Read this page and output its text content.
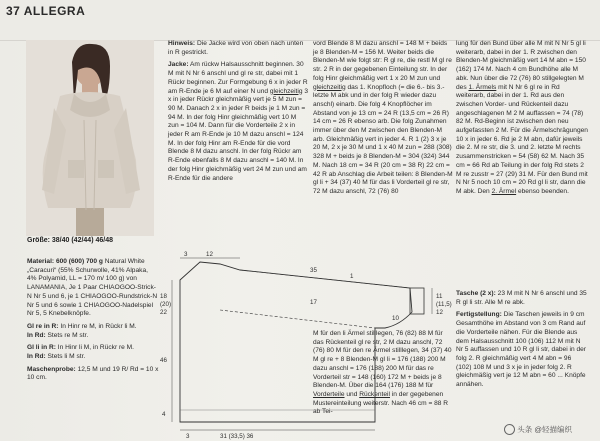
37 ALLEGRA
Größe: 38/40 (42/44) 46/48

Material: 600 (600) 700 g Natural White „Caracuri“ (55% Schurwolle, 41% Alpaka, 4% Polyamid, LL = 170 m/ 100 g) von LANAMANIA, Je 1 Paar CHIAOGOO-Strick-N Nr 5 und 6, je 1 CHIAOGOO-Rundstrick-N Nr 5 und 6 sowie 1 CHIAOGOO-Nadelspiel Nr 5, 5 Knebelknöpfe.

Gl re in R: In Hinr re M, in Rückr li M.
In Rd: Stets re M str.

Gl li in R: In Hinr li M, in Rückr re M.
In Rd: Stets li M str.

Maschenprobe: 12,5 M und 19 R/ Rd = 10 x 10 cm.

Hinweis: Die Jacke wird von oben nach unten in R gestrickt.

Jacke: Am rückw Halsausschnitt beginnen. 30 M mit N Nr 6 anschl und gl re str, dabei mit 1 Rückr beginnen. Zur Formgebung 6 x in jeder R am R-Ende je 6 M auf einer N und gleichzeitig 3 x in jeder Rückr gleichmäßig vert je 5 M zun = 90 M. Danach 2 x in jeder R beids je 1 M zun = 94 M. In der folg Hinr gleichmäßig vert 10 M zun = 104 M. Dann für die Vorderteile 2 x in jeder R am R-Ende je 10 M dazu anschl = 124 M. In der folg Hinr am R-Ende für die vord Blende 8 M dazu anschl. In der folg Rückr am R-Ende ebenfalls 8 M dazu anschl = 140 M. In der folg Hinr gleichmäßig vert 24 M zun und am R-Ende für die andere

vord Blende 8 M dazu anschl = 148 M + beids je 8 Blenden-M = 156 M. Weiter beids die Blenden-M wie folgt str: R gl re, die restl M gl re str. 2 R in der gegebenen Einteilung str. In der folg Hinr gleichmäßig vert 1 x 20 M zun und gleichzeitig das 1. Knopfloch (= die 6.- bis 3.-letzte M abk und in der folg R wieder dazu anschl) einarb. Die folg 4 Knopflöcher im Abstand von je 13 cm = 24 R (13,5 cm = 26 R) 14 cm = 26 R ebenso arb. Die folg Zunahmen immer über den M zwischen den Blenden-M arb. Gleichmäßig vert in jeder 4. R 1 (2) 3 x je 20 M, 2 x je 30 M und 1 x 40 M zun = 288 (308) 328 M + beids je 8 Blenden-M = 304 (324) 344 M. Nach 18 cm = 34 R (20 cm = 38 R) 22 cm = 42 R ab Anschlag die Arbeit teilen: 8 Blenden-M gl li + 34 (37) 40 M für das li Vorderteil gl re str, 72 M dazu anschl, 72 (76) 80

M für den li Ärmel stilllegen, 76 (82) 88 M für das Rückenteil gl re str, 2 M dazu anschl, 72 (76) 80 M für den re Ärmel stilllegen, 34 (37) 40 M gl re + 8 Blenden-M gl li = 176 (188) 200 M dazu anschl = 176 (188) 200 M für das re Vorderteil str = 148 (160) 172 M + beids je 8 Blenden-M. Über die 164 (176) 188 M für Vorderteile und Rückenteil in der gegebenen Mustereinteilung weiterstr. Nach 46 cm = 88 R ab Tei-

lung für den Bund über alle M mit N Nr 5 gl li weiterarb, dabei in der 1. R zwischen den Blenden-M gleichmäßig vert 14 M abn = 150 (162) 174 M. Nach 4 cm Bundhöhe alle M abk. Nun über die 72 (76) 80 stillgelegten M des 1. Ärmels mit N Nr 6 gl re in Rd weiterarb, dabei in der 1. Rd aus den zwischen Vorder- und Rückenteil dazu angeschlagenen M 2 M auffassen = 74 (78) 82 M. Rd-Beginn ist zwischen den neu aufgefassten 2 M. Für die Ärmelschrägungen 10 x in jeder 6. Rd je 2 M abn, dafür jeweils die 2. M re str, die 3. und 2. letzte M rechts zusammenstricken = 54 (58) 62 M. Nach 35 cm = 66 Rd ab Teilung in der folg Rd stets 2 M re zusstr = 27 (29) 31 M. Für den Bund mit N Nr 5 noch 10 cm = 20 Rd gl li str, dann die M abk. Den 2. Ärmel ebenso beenden.

Tasche (2 x): 23 M mit N Nr 6 anschl und 35 R gl li str. Alle M re abk.

Fertigstellung: Die Taschen jeweils in 9 cm Gesamthöhe im Abstand von 3 cm Rand auf die Vorderteile nähen. Für die Blende aus dem Halsausschnitt 100 (106) 112 M mit N Nr 5 auffassen und 10 R gl li str, dabei in der folg 2. R gleichmäßig vert 4 M abn = 96 (102) 108 M und 3 x je in jeder folg 2. R gleichmäßig vert je 12 M abn = 60 ... Knöpfe annähen.

3	12
35
17
1
18
(20)
22
46
4
11
(11,5)
12
31 (33,5) 36
3
10
头条 @轻描编织
